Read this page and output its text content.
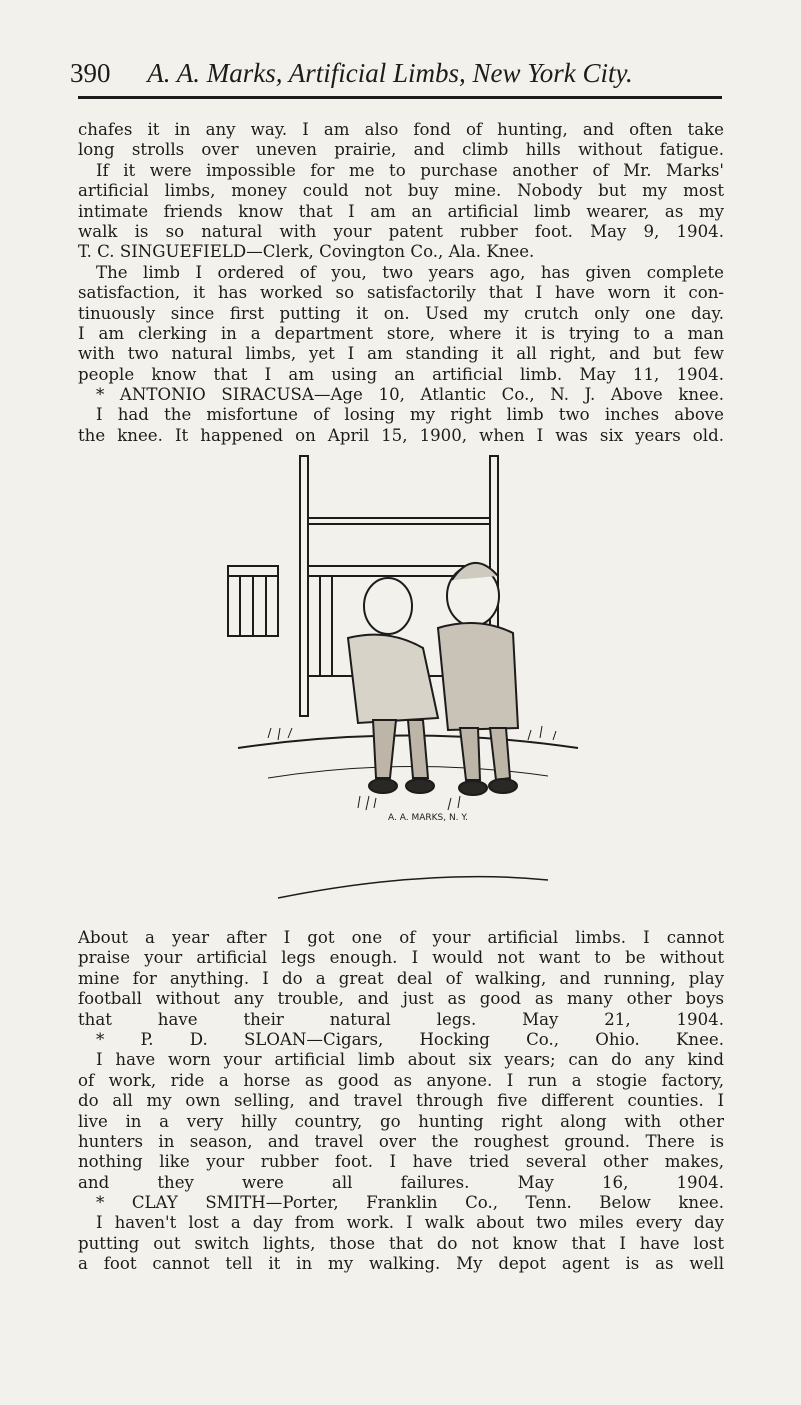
390 A. A. Marks, Artificial Limbs, New York City.
chafes it in any way. I am also fond of hunting, and often take
long strolls over uneven prairie, and climb hills without fatigue.
If it were impossible for me to purchase another of Mr. Marks'
artificial limbs, money could not buy mine. Nobody but my most
intimate friends know that I am an artificial limb wearer, as my
walk is so natural with your patent rubber foot. May 9, 1904.
T. C. SINGUEFIELD—Clerk, Covington Co., Ala. Knee.
The limb I ordered of you, two years ago, has given complete
satisfaction, it has worked so satisfactorily that I have worn it con-
tinuously since first putting it on. Used my crutch only one day.
I am clerking in a department store, where it is trying to a man
with two natural limbs, yet I am standing it all right, and but few
people know that I am using an artificial limb. May 11, 1904.
* ANTONIO SIRACUSA—Age 10, Atlantic Co., N. J. Above knee.
I had the misfortune of losing my right limb two inches above
the knee. It happened on April 15, 1900, when I was six years old.
A. A. MARKS, N. Y.
About a year after I got one of your artificial limbs. I cannot
praise your artificial legs enough. I would not want to be without
mine for anything. I do a great deal of walking, and running, play
football without any trouble, and just as good as many other boys
that have their natural legs. May 21, 1904.
* P. D. SLOAN—Cigars, Hocking Co., Ohio. Knee.
I have worn your artificial limb about six years; can do any kind
of work, ride a horse as good as anyone. I run a stogie factory,
do all my own selling, and travel through five different counties. I
live in a very hilly country, go hunting right along with other
hunters in season, and travel over the roughest ground. There is
nothing like your rubber foot. I have tried several other makes,
and they were all failures. May 16, 1904.
* CLAY SMITH—Porter, Franklin Co., Tenn. Below knee.
I haven't lost a day from work. I walk about two miles every day
putting out switch lights, those that do not know that I have lost
a foot cannot tell it in my walking. My depot agent is as well
